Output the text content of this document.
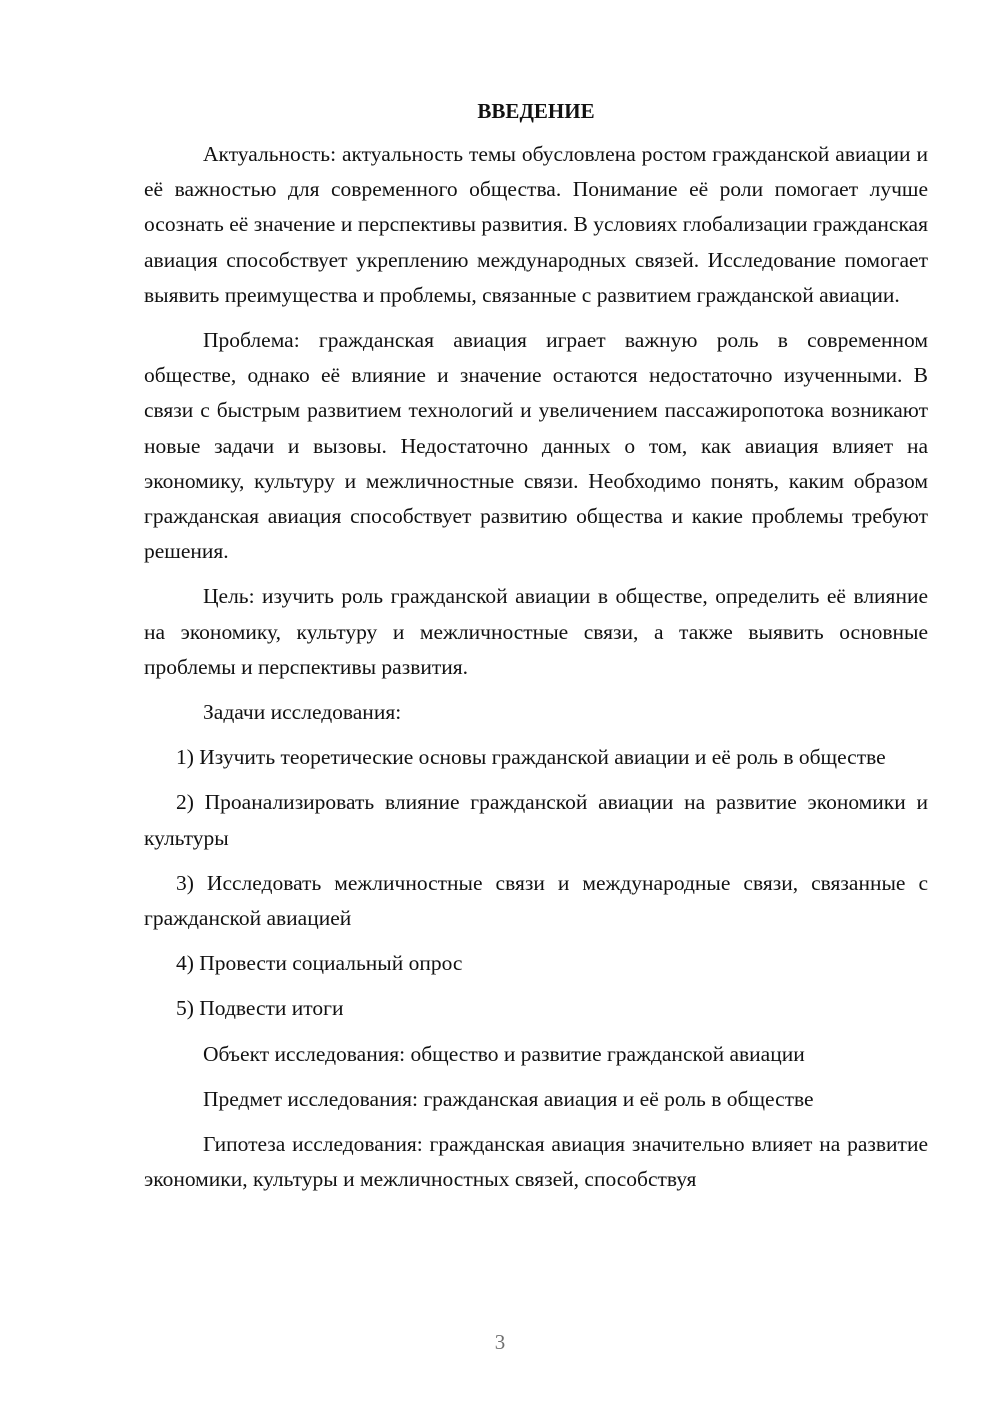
ВВЕДЕНИЕ

Актуальность: актуальность темы обусловлена ростом гражданской авиации и её важностью для современного общества. Понимание её роли помогает лучше осознать её значение и перспективы развития. В условиях глобализации гражданская авиация способствует укреплению международных связей. Исследование помогает выявить преимущества и проблемы, связанные с развитием гражданской авиации.

Проблема: гражданская авиация играет важную роль в современном обществе, однако её влияние и значение остаются недостаточно изученными. В связи с быстрым развитием технологий и увеличением пассажиропотока возникают новые задачи и вызовы. Недостаточно данных о том, как авиация влияет на экономику, культуру и межличностные связи. Необходимо понять, каким образом гражданская авиация способствует развитию общества и какие проблемы требуют решения.

Цель: изучить роль гражданской авиации в обществе, определить её влияние на экономику, культуру и межличностные связи, а также выявить основные проблемы и перспективы развития.

Задачи исследования:

1) Изучить теоретические основы гражданской авиации и её роль в обществе

2) Проанализировать влияние гражданской авиации на развитие экономики и культуры

3) Исследовать межличностные связи и международные связи, связанные с гражданской авиацией

4) Провести социальный опрос

5) Подвести итоги

Объект исследования: общество и развитие гражданской авиации

Предмет исследования: гражданская авиация и её роль в обществе

Гипотеза исследования: гражданская авиация значительно влияет на развитие экономики, культуры и межличностных связей, способствуя

3
